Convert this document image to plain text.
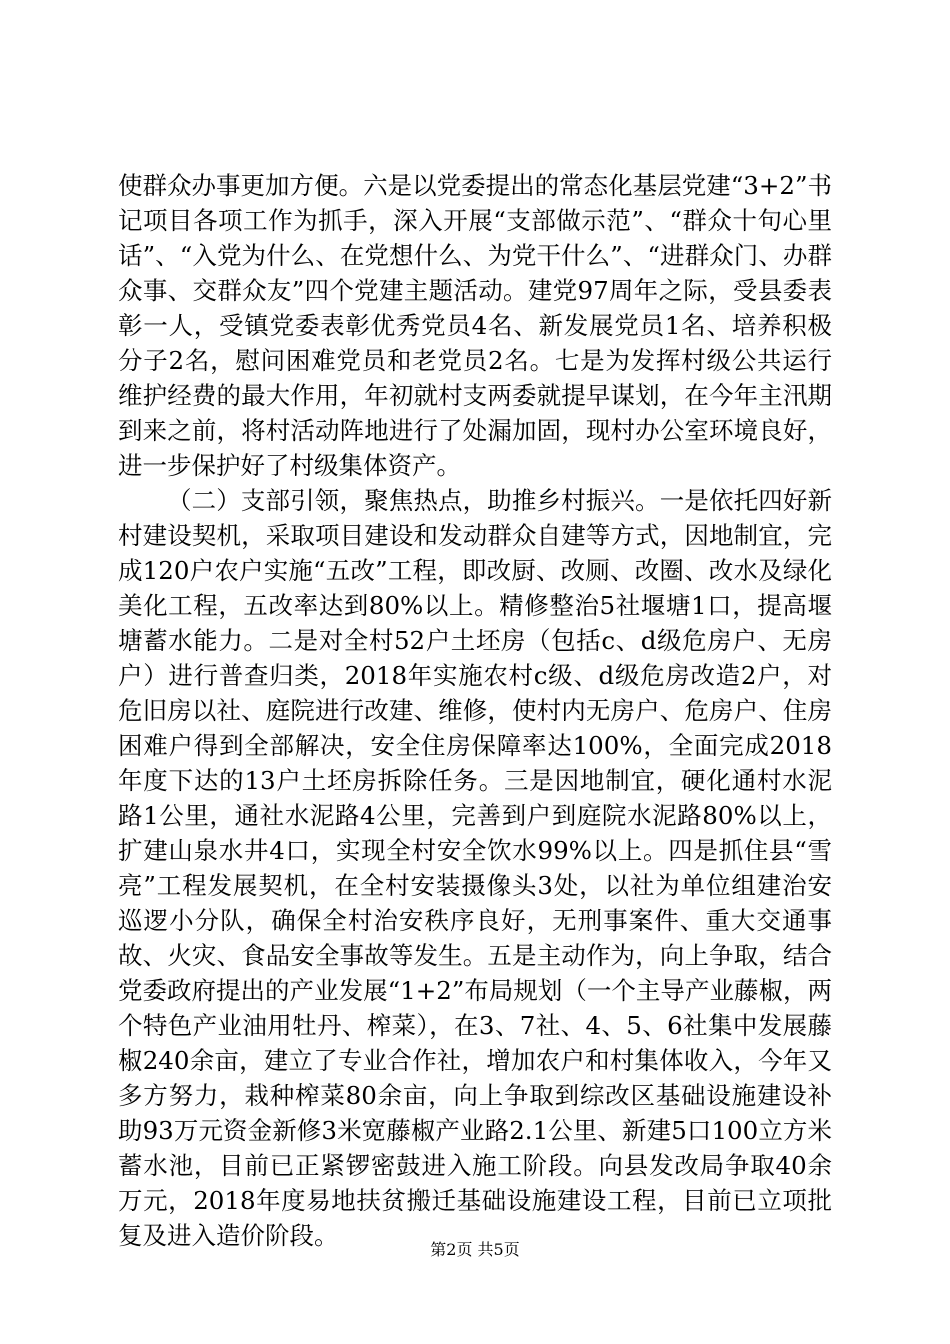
使群众办事更加方便。六是以党委提出的常态化基层党建“3+2”书记项目各项工作为抓手，深入开展“支部做示范”、“群众十句心里话”、“入党为什么、在党想什么、为党干什么”、“进群众门、办群众事、交群众友”四个党建主题活动。建党97周年之际，受县委表彰一人，受镇党委表彰优秀党员4名、新发展党员1名、培养积极分子2名，慰问困难党员和老党员2名。七是为发挥村级公共运行维护经费的最大作用，年初就村支两委就提早谋划，在今年主汛期到来之前，将村活动阵地进行了处漏加固，现村办公室环境良好，进一步保护好了村级集体资产。

（二）支部引领，聚焦热点，助推乡村振兴。一是依托四好新村建设契机，采取项目建设和发动群众自建等方式，因地制宜，完成120户农户实施“五改”工程，即改厨、改厕、改圈、改水及绿化美化工程，五改率达到80%以上。精修整治5社堰塘1口，提高堰塘蓄水能力。二是对全村52户土坯房（包括c、d级危房户、无房户）进行普查归类，2018年实施农村c级、d级危房改造2户，对危旧房以社、庭院进行改建、维修，使村内无房户、危房户、住房困难户得到全部解决，安全住房保障率达100%，全面完成2018年度下达的13户土坯房拆除任务。三是因地制宜，硬化通村水泥路1公里，通社水泥路4公里，完善到户到庭院水泥路80%以上，扩建山泉水井4口，实现全村安全饮水99%以上。四是抓住县“雪亮”工程发展契机，在全村安装摄像头3处，以社为单位组建治安巡逻小分队，确保全村治安秩序良好，无刑事案件、重大交通事故、火灾、食品安全事故等发生。五是主动作为，向上争取，结合党委政府提出的产业发展“1+2”布局规划（一个主导产业藤椒，两个特色产业油用牡丹、榨菜），在3、7社、4、5、6社集中发展藤椒240余亩，建立了专业合作社，增加农户和村集体收入，今年又多方努力，栽种榨菜80余亩，向上争取到综改区基础设施建设补助93万元资金新修3米宽藤椒产业路2.1公里、新建5口100立方米蓄水池，目前已正紧锣密鼓进入施工阶段。向县发改局争取40余万元，2018年度易地扶贫搬迁基础设施建设工程，目前已立项批复及进入造价阶段。	第2页 共5页
